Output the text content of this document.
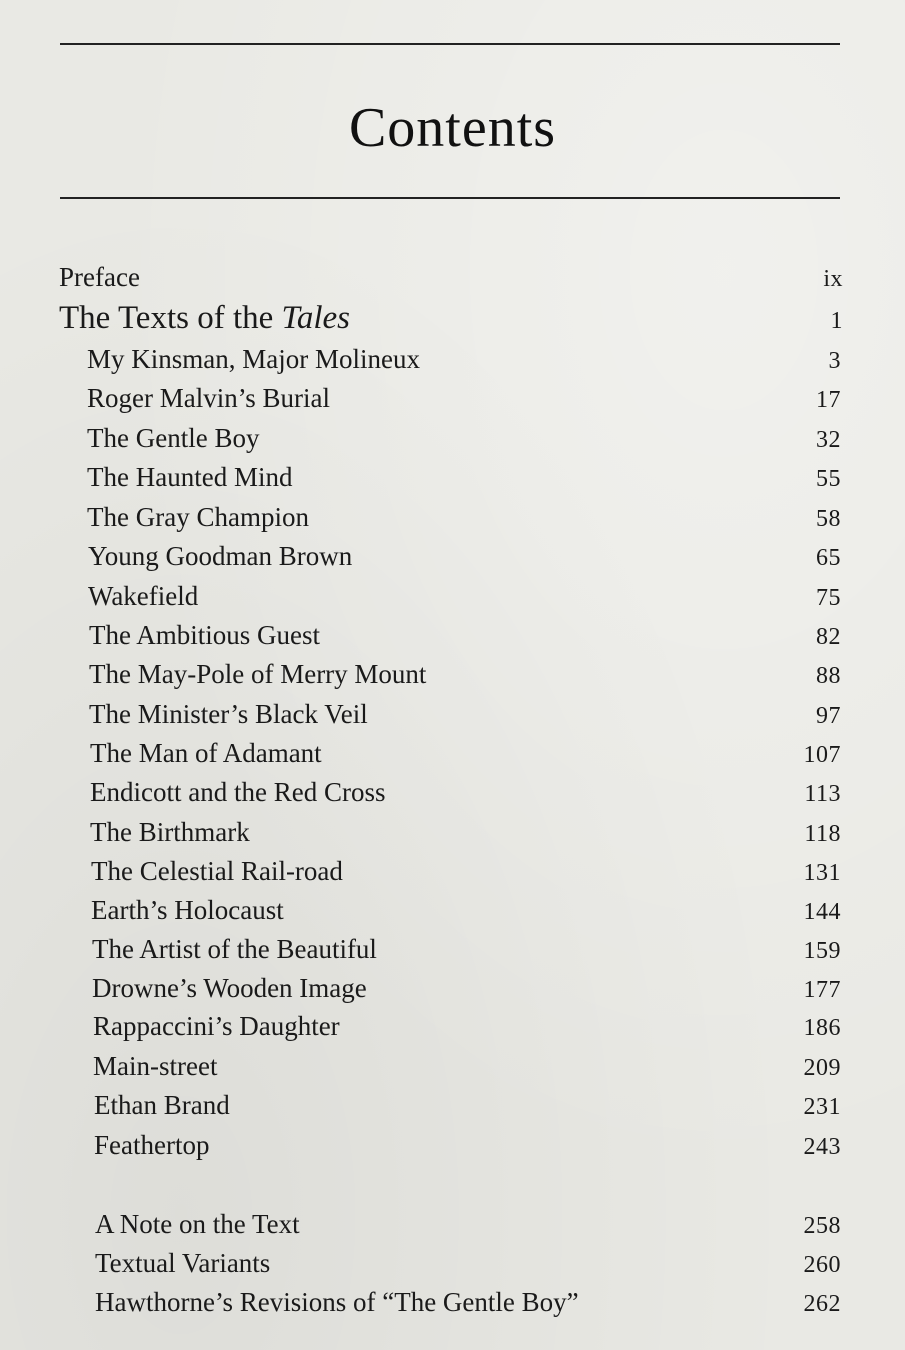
Contents
Preface	ix
The Texts of the Tales	1
My Kinsman, Major Molineux	3
Roger Malvin’s Burial	17
The Gentle Boy	32
The Haunted Mind	55
The Gray Champion	58
Young Goodman Brown	65
Wakefield	75
The Ambitious Guest	82
The May-Pole of Merry Mount	88
The Minister’s Black Veil	97
The Man of Adamant	107
Endicott and the Red Cross	113
The Birthmark	118
The Celestial Rail-road	131
Earth’s Holocaust	144
The Artist of the Beautiful	159
Drowne’s Wooden Image	177
Rappaccini’s Daughter	186
Main-street	209
Ethan Brand	231
Feathertop	243
A Note on the Text	258
Textual Variants	260
Hawthorne’s Revisions of “The Gentle Boy”	262
